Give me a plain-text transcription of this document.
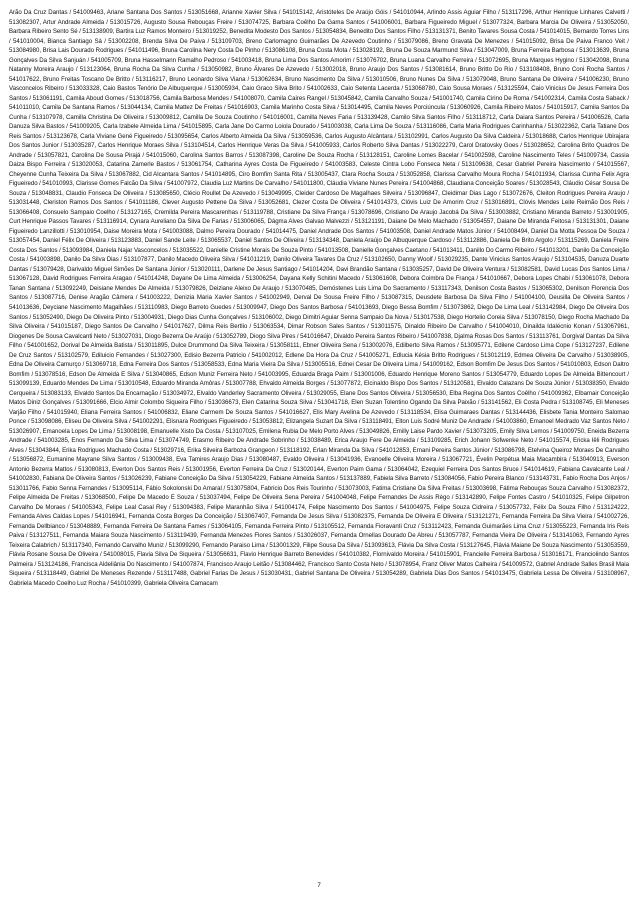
Arão Da Cruz Dantas / 541009463, Ariane Santana Dos Santos / 513051668, Arianne Xavier Silva / 541015142, Aristóteles De Araújo Góis / 541010944, Arlindo Assis Aguiar Filho / 513117296, Arthur Henrique Linhares Calvetti / 513082307, Artur Andrade Almeida / 513015726, Augusto Sousa Rebouças Freire / 513074725, Barbara Coêlho Da Gama Santos / 541006001, Barbara Figueiredo Miguel / 513077324, Barbara Marcia De Oliveira / 513052050, Barbara Ribeiro Sento Sé / 513138909, Bartira Luz Ramos Monteiro / 513019252, Benedita Modesto Dos Santos / 513054834, Benedito Dos Santos Filho / 513131371, Benito Tavares Sousa Costa / 541014015, Bernardo Torres Lins / 541010004, Bianca Santiago Sá / 513002208, Brenda Silva De Paiva / 513109703, Breno Carlomagno Guimarães De Azevedo Coutinho / 513079086, Breno Gravatá De Menezes / 541015092, Brisa De Paiva Franco Veit / 513084980, Brisa Lais Dourado Rodrigues / 541011496, Bruna Carolina Nery Costa De Pinho / 513086108, Bruna Costa Mota / 513028192, Bruna De Souza Marmund Silva / 513047009, Bruna Ferreira Barbosa / 513013639, Bruna Gonçalves Da Silva Sanjuán / 541005709, Bruna Hasselmann Ramalho Pedroso / 541003418, Bruna Lima Dos Santos Amorim / 513076702, Bruna Luana Carvalho Ferreira / 513072695, Bruna Marques Hygino / 513042098, Bruna Natanny Moreira Araujo / 513123064, Bruna Rocha Da Silva Cunha / 513050982, Bruno Álvares De Azevedo / 513002018, Bruno Araujo Dos Santos / 513081614, Bruno Britto Do Rio / 513108408, Bruno Coni Rocha Santos / 541017622, Bruno Freitas Toscano De Britto / 513116217, Bruno Leonardo Silva Viana / 513062634, Bruno Nascimento Da Silva / 513010506, Bruno Nunes Da Silva / 513079048, Bruno Santana De Oliveira / 541006230, Bruno Vasconcelos Ribeiro / 513033328, Caio Bastos Tenório De Albuquerque / 513005934, Caio Graco Silva Brito / 541002633, Caio Setenta Lacerda / 513068780, Caio Sousa Moraes / 513125594, Caio Vinicius De Jesus Ferreira Dos Santos / 513061191, Camila Aboud Gomes / 513018756, Camila Barbosa Mendes / 541008070, Camila Caires Rangel / 513045842, Camila Carvalho Souza / 541001740, Camila Cirino De Roma / 541002314, Camila Costa Saback / 541011010, Camila De Santana Ramos / 513044134, Camila Mattez De Freitas / 541016903, Camila Marinho Costa Silva / 513014495, Camila Neves Porciúncula / 513060926, Camila Ribeiro Matos / 541015917, Camila Santos Da Cunha / 513107978, Camilla Christina De Oliveira / 513009812, Camilla De Souza Coutinho / 541016001, Camilla Neves Faria / 513139428, Camilo Silva Santos Filho / 513118712, Carla Daiara Santos Pereira / 541006526, Carla Danuza Silva Bastos / 541009205, Carla Izabele Almeida Lima / 541015895, Carla Jane Do Carmo Loiola Dourado / 541003038, Carla Lima De Souza / 513116086, Carla Maria Rodrigues Carinhanha / 513022362, Carla Tatiane Dos Reis Santos / 513123678, Carla Viviane Gené Figueiredo / 513095654, Carlos Alberto Almeida Da Silva / 513059536, Carlos Augusto Alcântara / 513102991, Carlos Augusto Da Silva Caldeira / 513018688, Carlos Henrique Ubirajara Dos Santos Junior / 513035287, Carlos Henrique Moraes Silva / 513104514, Carlos Henrique Veras Da Silva / 541005933, Carlos Roberto Silva Dantas / 513022279, Carol Dratovsky Goes / 513028652, Carolina Brito Quadros De Andrade / 513057821, Carolina De Sousa Pirajá / 541015060, Carolina Santos Barros / 513087398, Caroline De Souza Rocha / 513128151, Caroline Lomes Bacelar / 541002598, Caroline Nascimento Teles / 541009734, Cassia Daiza Bispo Ferreira / 513020053, Catarina Zamerle Bastos / 513061754, Catharina Ayres Costa De Figueiredo / 541003583, Celeste Cintra Lobo Fonseca Neta / 513109638, Cesar Gabriel Pereira Nascimento / 541015567, Cheyenne Cunha Teixeira Da Silva / 513067882, Cid Alcantara Santos / 541014895, Ciro Bomfim Santa Rita / 513005437, Clara Rocha Souza / 513052858, Clarissa Carvalho Moura Rocha / 541011934, Clarissa Cunha Felix Agra Figueiredo / 541010993, Clarisse Gomes Falcão Da Silva / 541007972, Claudia Luz Martins De Carvalho / 541011800, Cláudia Viviane Nunes Pereira / 541004868, Claudiana Conceição Soares / 513028543, Cláudio César Sousa De Souza / 513048831, Claudio Fonseca De Oliveira / 513085650, Clécio Roullet De Azevedo / 513049995, Cleider Cardoso De Magalhaes Silveira / 513096847, Cleidimar Dias Lago / 513072676, Cleiton Rodrigues Pereira Araujo / 513031448, Cleriston Ramos Dos Santos / 541011186, Clever Augusto Pettene Da Silva / 513052681, Clezer Costa De Oliveira / 541014373, Clóvis Luiz De Amorim Cruz / 513016891, Clóvis Mendes Leite Reimão Dos Reis / 513066408, Consuelo Sampaio Coelho / 513127165, Cremilda Pereira Mascarenhas / 513119788, Cristiane Da Silva França / 513078696, Cristiano De Araujo Jacobá Da Silva / 513003882, Cristiano Miranda Barreto / 513001905, Curt Henrique Passos Tavares / 513116914, Cynara Aureliano Da Silva De Farias / 513006065, Dágma Alves Galvao Malvezzi / 513121191, Daiane De Melo Machado / 513054557, Daiane De Miranda Feitosa / 513131301, Daiane Figueiredo Lanzillotti / 513010954, Daise Moreira Mota / 541003088, Dalmo Pereira Dourado / 541014475, Daniel Andrade Dos Santos / 541003508, Daniel Andrade Matos Júnior / 541008494, Daniel Da Motta Pessoa De Souza / 513057454, Daniel Félix De Oliveira / 513123883, Daniel Sande Leite / 513065537, Daniel Santos De Oliveira / 513134348, Daniela Araújo De Albuquerque Cardoso / 513112886, Daniela De Brito Argolo / 513115269, Daniela Freire Costa Dos Santos / 513093984, Daniela Najar Vasconcelos / 513035522, Danielle Cristine Morais De Souza Pinto / 541013508, Danielle Gonçalves Caetano / 541013411, Danillo Do Carmo Ribeiro / 541013201, Danilo Da Conceição Costa / 541003898, Danilo Da Silva Dias / 513107877, Danilo Macedo Oliveira Silva / 541011219, Danilo Oliveira Tavares Da Cruz / 513102650, Danny Woolf / 513029235, Dante Vinicius Santos Araujo / 513104535, Danuza Duarte Dantas / 513079428, Darivaldo Miguel Simões De Santana Júnior / 513020111, Darlene De Jesus Santiago / 541014204, Davi Brandão Santana / 513035257, David De Oliveira Ventura / 513082581, David Lucas Dos Santos Lima / 513067128, David Rodrigues Ferreira Aragao / 541014248, Dayane De Lima Almeida / 513006254, Dayana Kelly Schitini Macedo / 513061608, Debora Coimbra De França / 541010667, Debora Lopes Chabi / 513061078, Debora Tanan Santana / 513092249, Deisiane Mendes De Almeida / 513079826, Deiziane Aleixo De Araujo / 513070485, Demóstenes Luis Lima Do Sacramento / 513117343, Denilson Costa Bastos / 513065302, Denilson Florencia Dos Santos / 513087716, Denise Aragão Câmera / 541003222, Denizia Maria Xavier Santos / 541002949, Derval De Sousa Freire Filho / 513087315, Deusdete Barbosa Da Silva Filho / 541004100, Deusilla De Oliveira Santos / 541013636, Deyciane Nascimento Magalhães / 513110983, Diego Barreto Guedes / 513009947, Diego Dos Santos Barbosa / 541013693, Diego Bessa Bomfim / 513073862, Diego De Lima Leal / 513142984, Diego De Oliveira Dos Santos / 513052490, Diego De Oliveira Pinto / 513004931, Diego Dias Cunha Gonçalves / 513106002, Diego Dimitri Aguiar Senna Sampaio Da Nova / 513017538, Diego Hortelio Coreia Silva / 513078150, Diego Rocha Machado Da Silva Oliveira / 541015187, Diego Santos De Carvalho / 541017627, Dilma Reis Bertlio / 513063534, Dimar Robson Sales Santos / 513011575, Dinaldo Ribeiro De Carvalho / 541004010, Dinailda Idalécnio Konan / 513067961, Diogenes De Sousa Cavalcanti Neto / 513027031, Diogo Bezerra De Araújo / 513052789, Diogo Silva Pires / 541016647, Divaldo Pereira Santos Ribeiro / 541007838, Djalma Rosas Dos Santos / 513113761, Dorgival Dantas Da Silva Filho / 541001652, Dorival De Almeida Batista / 513011895, Dulce Drummond Da Silva Teixeira / 513058111, Ebner Oliveira Sena / 513002076, Edilberto Silva Ramos / 513095771, Edilene Cardoso Lima Cope / 513127237, Edilene De Cruz Santos / 513102579, Ediluicio Fernandes / 513027300, Edisio Bezerra Patricio / 541002012, Edlene Da Hora Da Cruz / 541005271, Edlucia Késia Britto Rodrigues / 513012119, Edmea Oliveira De Carvalho / 513038905, Edna De Oliveira Camurço / 513069718, Edna Ferreira Dos Santos / 513058533, Edna Maria Vieira Da Silva / 513005516, Ednei Cesar De Oliveira Lima / 541009162, Edson Bomfim De Jesus Dos Santos / 541010803, Edson Daltro Bomfim / 513078516, Edson De Almeida E Silva / 513040865, Edson Muniz Ferreira Neto / 541003995, Eduarda Braga Paim / 513001006, Eduardo Henrique Moreno Santos / 513054779, Eduardo Lopes De Almeida Bittencourt / 513099139, Eduardo Mendes De Lima / 513010548, Eduardo Miranda Amôras / 513007788, Ehvaldo Almeida Borges / 513077872, Elcinaldo Bispo Dos Santos / 513120581, Elvaldo Calazans De Souza Júnior / 513038350, Elvaldo Cerqueira / 513083133, Elvaldo Santos Da Encarnação / 513034972, Elvaldo Vanderley Sacramento Oliveira / 513029055, Elane Dos Santos Oliveira / 513056530, Elba Regina Dos Santos Coêlho / 541009362, Elbamair Conceição Matos Diniz Gonçalves / 513091666, Elcio Almir Colombo Siqueira Filho / 513036673, Elen Catarina Souza Silva / 513041718, Elen Suzan Tolentino Ogando Da Silva Paixão / 513141562, Eli Costa Pedra / 513108745, Eli Meneses Varjão Filho / 541015940, Eliana Ferreira Santos / 541006832, Eliane Carmem De Souza Santos / 541016627, Elis Mary Avelina De Azevedo / 513118534, Elisa Guimaraes Dantas / 513144436, Elisbete Tania Monteiro Salomao Ponce / 513098086, Eliseu De Oliveira Silva / 541002291, Elisnara Rodrigues Figueiredo / 513053812, Elizangela Suzart Da Silva / 513118491, Elton Luis Sodré Muniz De Andrade / 541003860, Emanoel Medrado Vaz Santos Neto / 513026907, Emanoela Lopes De Lima / 513008198, Emanuelle Xisto Da Costa / 513107025, Emilena Rubia De Melo Porto Alves / 513049826, Emilly Laise Pardo Xavier / 513073205, Emily Silva Lemos / 541009750, Eneida Bezerra Andrade / 541003285, Enos Fernando Da Silva Lima / 513074749, Erasmo Ribeiro De Andrade Sobrinho / 513038489, Erica Araujo Fere De Almeida / 513109285, Erich Johann Sofwenke Neto / 541015574, Ericka Iêli Rodrigues Alves / 513043844, Erika Rodrigues Machado Costa / 513029716, Erika Silveira Barboza Grangeon / 513118192, Erlan Miranda Da Silva / 541012853, Ernani Pereira Santos Júnior / 513086798, Etelvina Queiroz Moraes De Carvalho / 513056872, Eumanine Mayrane Silva Santos / 513009438, Eva Tamires Araujo Dias / 513080487, Evaldo Oliveira / 513041936, Evanoelle Oliveira Moreira / 513067721, Évelin Perpétua Maia Macambira / 513040913, Everson Antonio Bezerra Mattos / 513080813, Everton Dos Santos Reis / 513001956, Everton Ferreira Da Cruz / 513020144, Everton Paim Gama / 513064042, Ezequiel Ferreira Dos Santos Bruce / 541014619, Fabiana Cavalcante Leal / 541002830, Fabiana De Oliveira Santos / 513026239, Fabiane Conceição Da Silva / 513054229, Fabiane Almeida Santos / 513137889, Fabiela Silva Barreto / 513084056, Fabio Pereira Blanco / 513143731, Fabio Rocha Dos Anjos / 513011766, Fabio Senna Fernandes / 513095114, Fábio Sokolonski Do Amaral / 513075804, Fabricio Dos Reis Tourinho / 513073003, Fatima Cristiane Da Silva Freitas / 513003698, Fátima Rebouças Souza Carvalho / 513082372, Felipe Almeida De Freitas / 513068500, Felipe De Macedo E Souza / 513037494, Felipe De Oliveira Sena Pereira / 541004048, Felipe Fernandes De Assis Régo / 513142890, Felipe Fontes Castro / 541010325, Felipe Gilpetron Carvalho De Moraes / 541005343, Felipe Leal Casal Rey / 513094383, Felipe Maranhão Silva / 541004174, Felipe Nascimento Dos Santos / 541004975, Felipe Souza Cidreira / 513057732, Félix Da Souza Filho / 513124222, Fernanda Alves Caldas Lopes / 541016941, Fernanda Costa Borges Da Conceição / 513067407, Fernanda De Jesus Silva / 513082375, Fernanda De Oliveira E Oliveira / 513121271, Fernanda Ferreira Da Silva Vieira / 541002726, Fernanda Dellbianco / 513048889, Fernanda Ferreira De Santana Fames / 513064105, Fernanda Ferreira Pinto / 513105512, Fernanda Fioravanti Cruz / 513112423, Fernanda Guimarães Lima Cruz / 513055223, Fernanda Iris Reis Paiva / 513127511, Fernanda Maiara Souza Nascimento / 513119439, Fernanda Menezes Flores Santos / 513026037, Fernanda Ornellas Dourado De Abreu / 513057787, Fernanda Vieira De Oliveira / 513141063, Fernando Ayres Teixeira Calabrich / 513117340, Fernando Carvalho Muniz / 513099290, Fernando Paraiso Lima / 513001329, Filipe Sousa Da Silva / 513093613, Flávia Da Silva Costa / 513127645, Flávia Maiane De Souza Nascimento / 513053559, Flávia Rosane Sousa De Oliveira / 541008015, Flavia Silva De Siqueira / 513056631, Flavio Henrique Barreto Benevides / 541010382, Flornivaldo Moreira / 541015901, Francielle Ferreira Barbosa / 513016171, Franciolindo Santos Palmeira / 513124186, Francisca Aldeliânia Do Nascimento / 541007874, Francisco Araujo Leitão / 513084462, Francisco Santo Costa Neto / 513078954, Franz Oliver Matos Calheira / 541009572, Gabriel Andrade Salles Brasil Maia Siqueira / 513118449, Gabriel De Meneses Rezende / 513117488, Gabriel Farias De Jesus / 513030431, Gabriel Santana De Oliveira / 513054289, Gabriela Dias Dos Santos / 541013475, Gabriela Lessa De Oliveira / 513108967, Gabriela Macedo Coelho Luz Rocha / 541010399, Gabriela Oliveira Camacam

7
